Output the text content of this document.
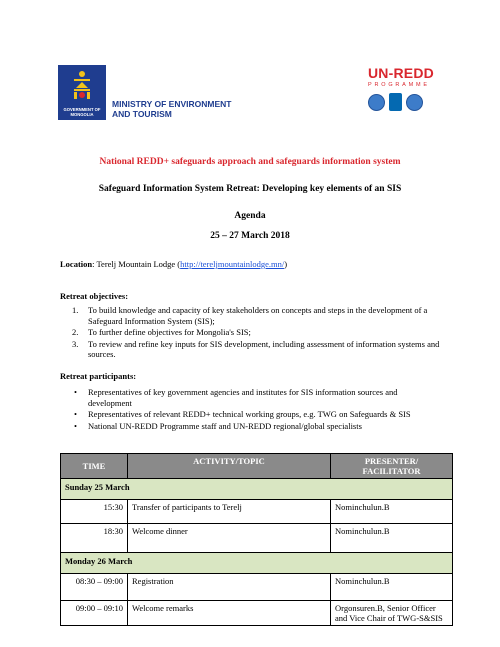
GOVERNMENT OF MONGOLIA
MINISTRY OF ENVIRONMENT
AND TOURISM
UN-REDD
PROGRAMME
National REDD+ safeguards approach and safeguards information system
Safeguard Information System Retreat: Developing key elements of an SIS
Agenda
25 – 27 March 2018
Location: Terelj Mountain Lodge (http://tereljmountainlodge.mn/)
Retreat objectives:
1. To build knowledge and capacity of key stakeholders on concepts and steps in the development of a Safeguard Information System (SIS);
2. To further define objectives for Mongolia's SIS;
3. To review and refine key inputs for SIS development, including assessment of information systems and sources.
Retreat participants:
• Representatives of key government agencies and institutes for SIS information sources and development
• Representatives of relevant REDD+ technical working groups, e.g. TWG on Safeguards & SIS
• National UN-REDD Programme staff and UN-REDD regional/global specialists
TIME	ACTIVITY/TOPIC	PRESENTER/
FACILITATOR

Sunday 25 March		
15:30	Transfer of participants to Terelj	Nominchulun.B
18:30	Welcome dinner	Nominchulun.B
Monday 26 March		
08:30 – 09:00	Registration	Nominchulun.B
09:00 – 09:10	Welcome remarks	Orgonsuren.B, Senior Officer
and Vice Chair of TWG-S&SIS
